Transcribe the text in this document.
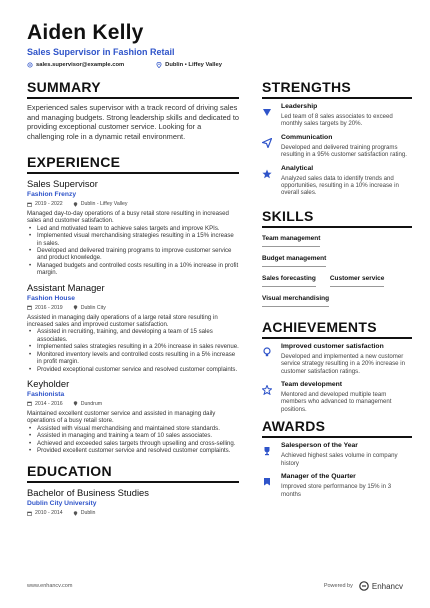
Aiden Kelly
Sales Supervisor in Fashion Retail
sales.supervisor@example.com	Dublin • Liffey Valley
SUMMARY
Experienced sales supervisor with a track record of driving sales and managing budgets. Strong leadership skills and dedicated to providing exceptional customer service. Looking for a challenging role in a dynamic retail environment.
EXPERIENCE
Sales Supervisor
Fashion Frenzy
2019 - 2022	Dublin - Liffey Valley
Managed day-to-day operations of a busy retail store resulting in increased sales and customer satisfaction.
• Led and motivated team to achieve sales targets and improve KPIs.
• Implemented visual merchandising strategies resulting in a 15% increase in sales.
• Developed and delivered training programs to improve customer service and product knowledge.
• Managed budgets and controlled costs resulting in a 10% increase in profit margin.
Assistant Manager
Fashion House
2016 - 2019	Dublin City
Assisted in managing daily operations of a large retail store resulting in increased sales and improved customer satisfaction.
• Assisted in recruiting, training, and developing a team of 15 sales associates.
• Implemented sales strategies resulting in a 20% increase in sales revenue.
• Monitored inventory levels and controlled costs resulting in a 5% increase in profit margin.
• Provided exceptional customer service and resolved customer complaints.
Keyholder
Fashionista
2014 - 2016	Dundrum
Maintained excellent customer service and assisted in managing daily operations of a busy retail store.
• Assisted with visual merchandising and maintained store standards.
• Assisted in managing and training a team of 10 sales associates.
• Achieved and exceeded sales targets through upselling and cross-selling.
• Provided excellent customer service and resolved customer complaints.
EDUCATION
Bachelor of Business Studies
Dublin City University
2010 - 2014	Dublin
STRENGTHS
Leadership
Led team of 8 sales associates to exceed monthly sales targets by 20%.
Communication
Developed and delivered training programs resulting in a 95% customer satisfaction rating.
Analytical
Analyzed sales data to identify trends and opportunities, resulting in a 10% increase in overall sales.
SKILLS
Team management
Budget management
Sales forecasting Customer service
Visual merchandising
ACHIEVEMENTS
Improved customer satisfaction
Developed and implemented a new customer service strategy resulting in a 20% increase in customer satisfaction ratings.
Team development
Mentored and developed multiple team members who advanced to management positions.
AWARDS
Salesperson of the Year
Achieved highest sales volume in company history
Manager of the Quarter
Improved store performance by 15% in 3 months
www.enhancv.com	Powered by Enhancv
